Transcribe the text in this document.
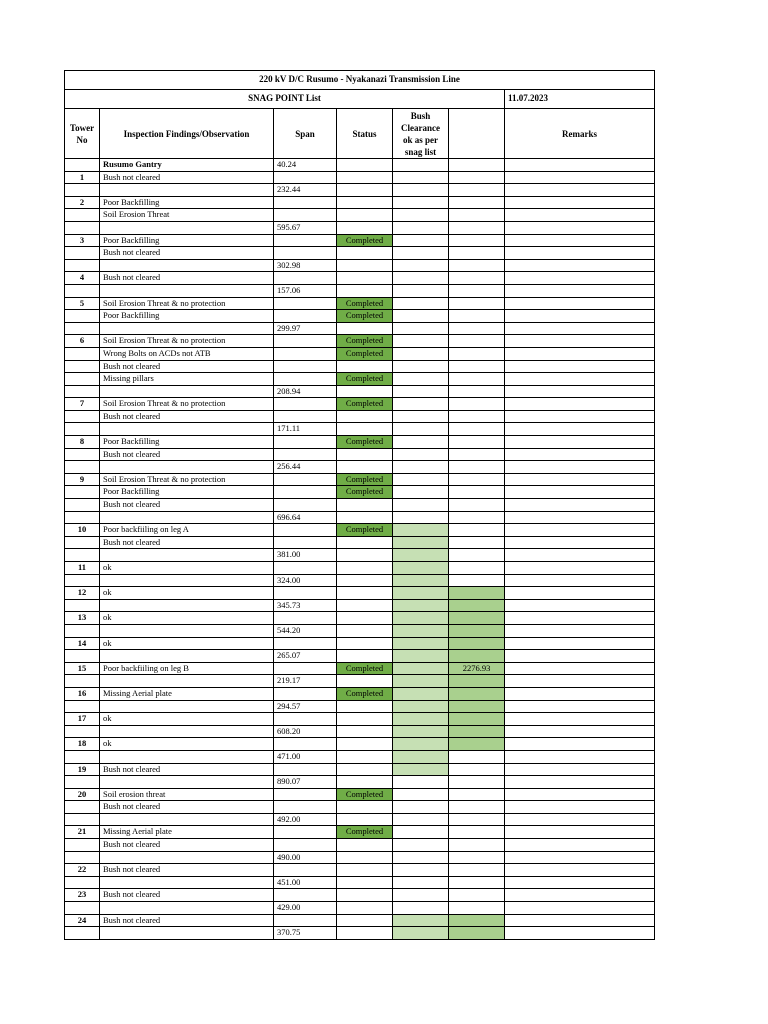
220 kV D/C Rusumo - Nyakanazi Transmission Line						
SNAG POINT List						11.07.2023
Tower No	Inspection Findings/Observation	Span	Status	Bush Clearance ok as per snag list		Remarks
	Rusumo Gantry	40.24				
1	Bush not cleared					
		232.44				
2	Poor Backfilling					
	Soil Erosion Threat					
		595.67				
3	Poor Backfilling		Completed			
	Bush not cleared					
		302.98				
4	Bush not cleared					
		157.06				
5	Soil Erosion Threat & no protection		Completed			
	Poor Backfilling		Completed			
		299.97				
6	Soil Erosion Threat & no protection		Completed			
	Wrong Bolts on ACDs not ATB		Completed			
	Bush not cleared					
	Missing pillars		Completed			
		208.94				
7	Soil Erosion Threat & no protection		Completed			
	Bush not cleared					
		171.11				
8	Poor Backfilling		Completed			
	Bush not cleared					
		256.44				
9	Soil Erosion Threat & no protection		Completed			
	Poor Backfilling		Completed			
	Bush not cleared					
		696.64				
10	Poor backfiiling on leg A		Completed			
	Bush not cleared					
		381.00				
11	ok					
		324.00				
12	ok					
		345.73				
13	ok					
		544.20				
14	ok					
		265.07				
15	Poor backfiiling on leg B		Completed		2276.93	
		219.17				
16	Missing Aerial plate		Completed			
		294.57				
17	ok					
		608.20				
18	ok					
		471.00				
19	Bush not cleared					
		890.07				
20	Soil erosion threat		Completed			
	Bush not cleared					
		492.00				
21	Missing Aerial plate		Completed			
	Bush not cleared					
		490.00				
22	Bush not cleared					
		451.00				
23	Bush not cleared					
		429.00				
24	Bush not cleared					
		370.75				
